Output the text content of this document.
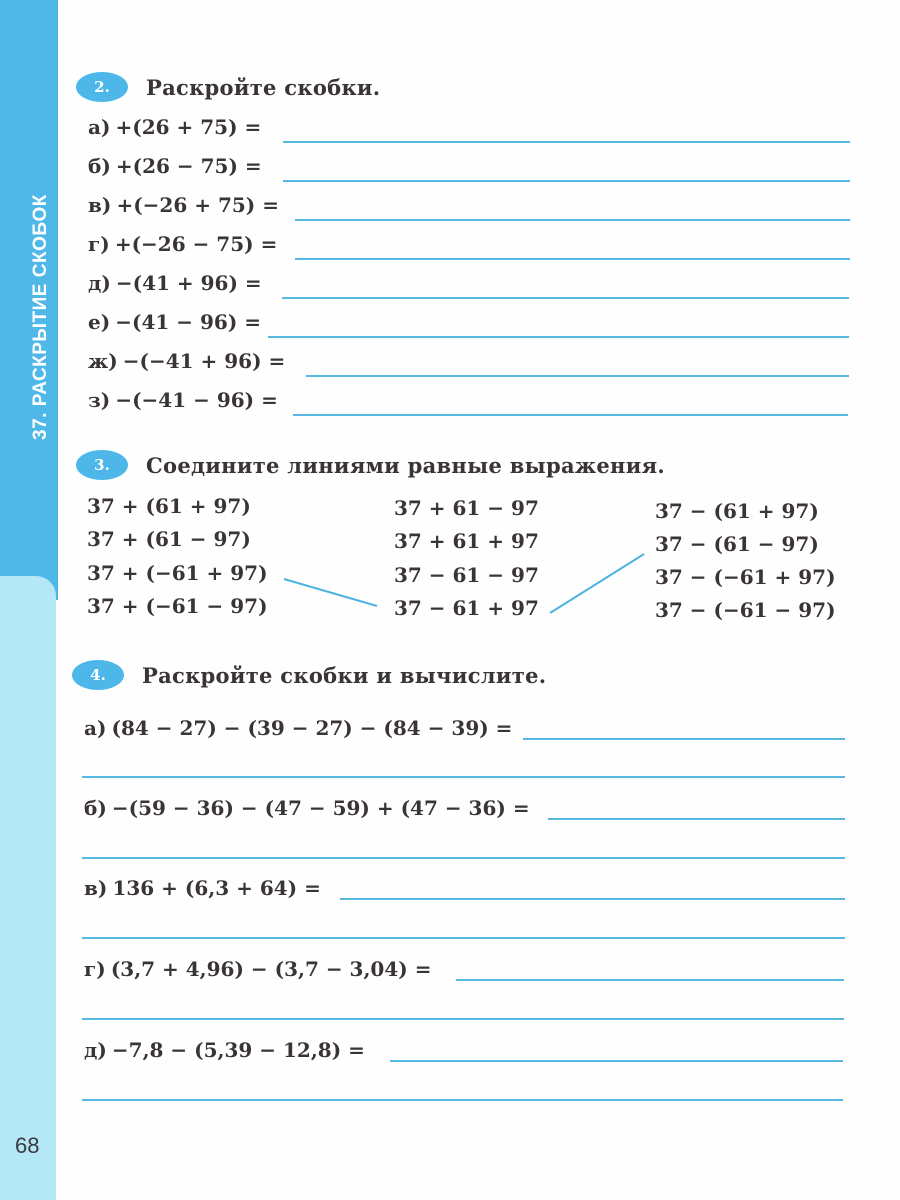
37. РАСКРЫТИЕ СКОБОК
68
2.	Раскройте скобки.
а)
+(26 + 75) =
б)
+(26 − 75) =
в)
+(−26 + 75) =
г)
+(−26 − 75) =
д)
−(41 + 96) =
е)
−(41 − 96) =
ж)
−(−41 + 96) =
з)
−(−41 − 96) =
3.	Соедините линиями равные выражения.
37 + (61 + 97)
37 + (61 − 97)
37 + (−61 + 97)
37 + (−61 − 97)
37 + 61 − 97
37 + 61 + 97
37 − 61 − 97
37 − 61 + 97
37 − (61 + 97)
37 − (61 − 97)
37 − (−61 + 97)
37 − (−61 − 97)
4.	Раскройте скобки и вычислите.
а)
(84 − 27) − (39 − 27) − (84 − 39) =
б)
−(59 − 36) − (47 − 59) + (47 − 36) =
в)
136 + (6,3 + 64) =
г)
(3,7 + 4,96) − (3,7 − 3,04) =
д)
−7,8 − (5,39 − 12,8) =
